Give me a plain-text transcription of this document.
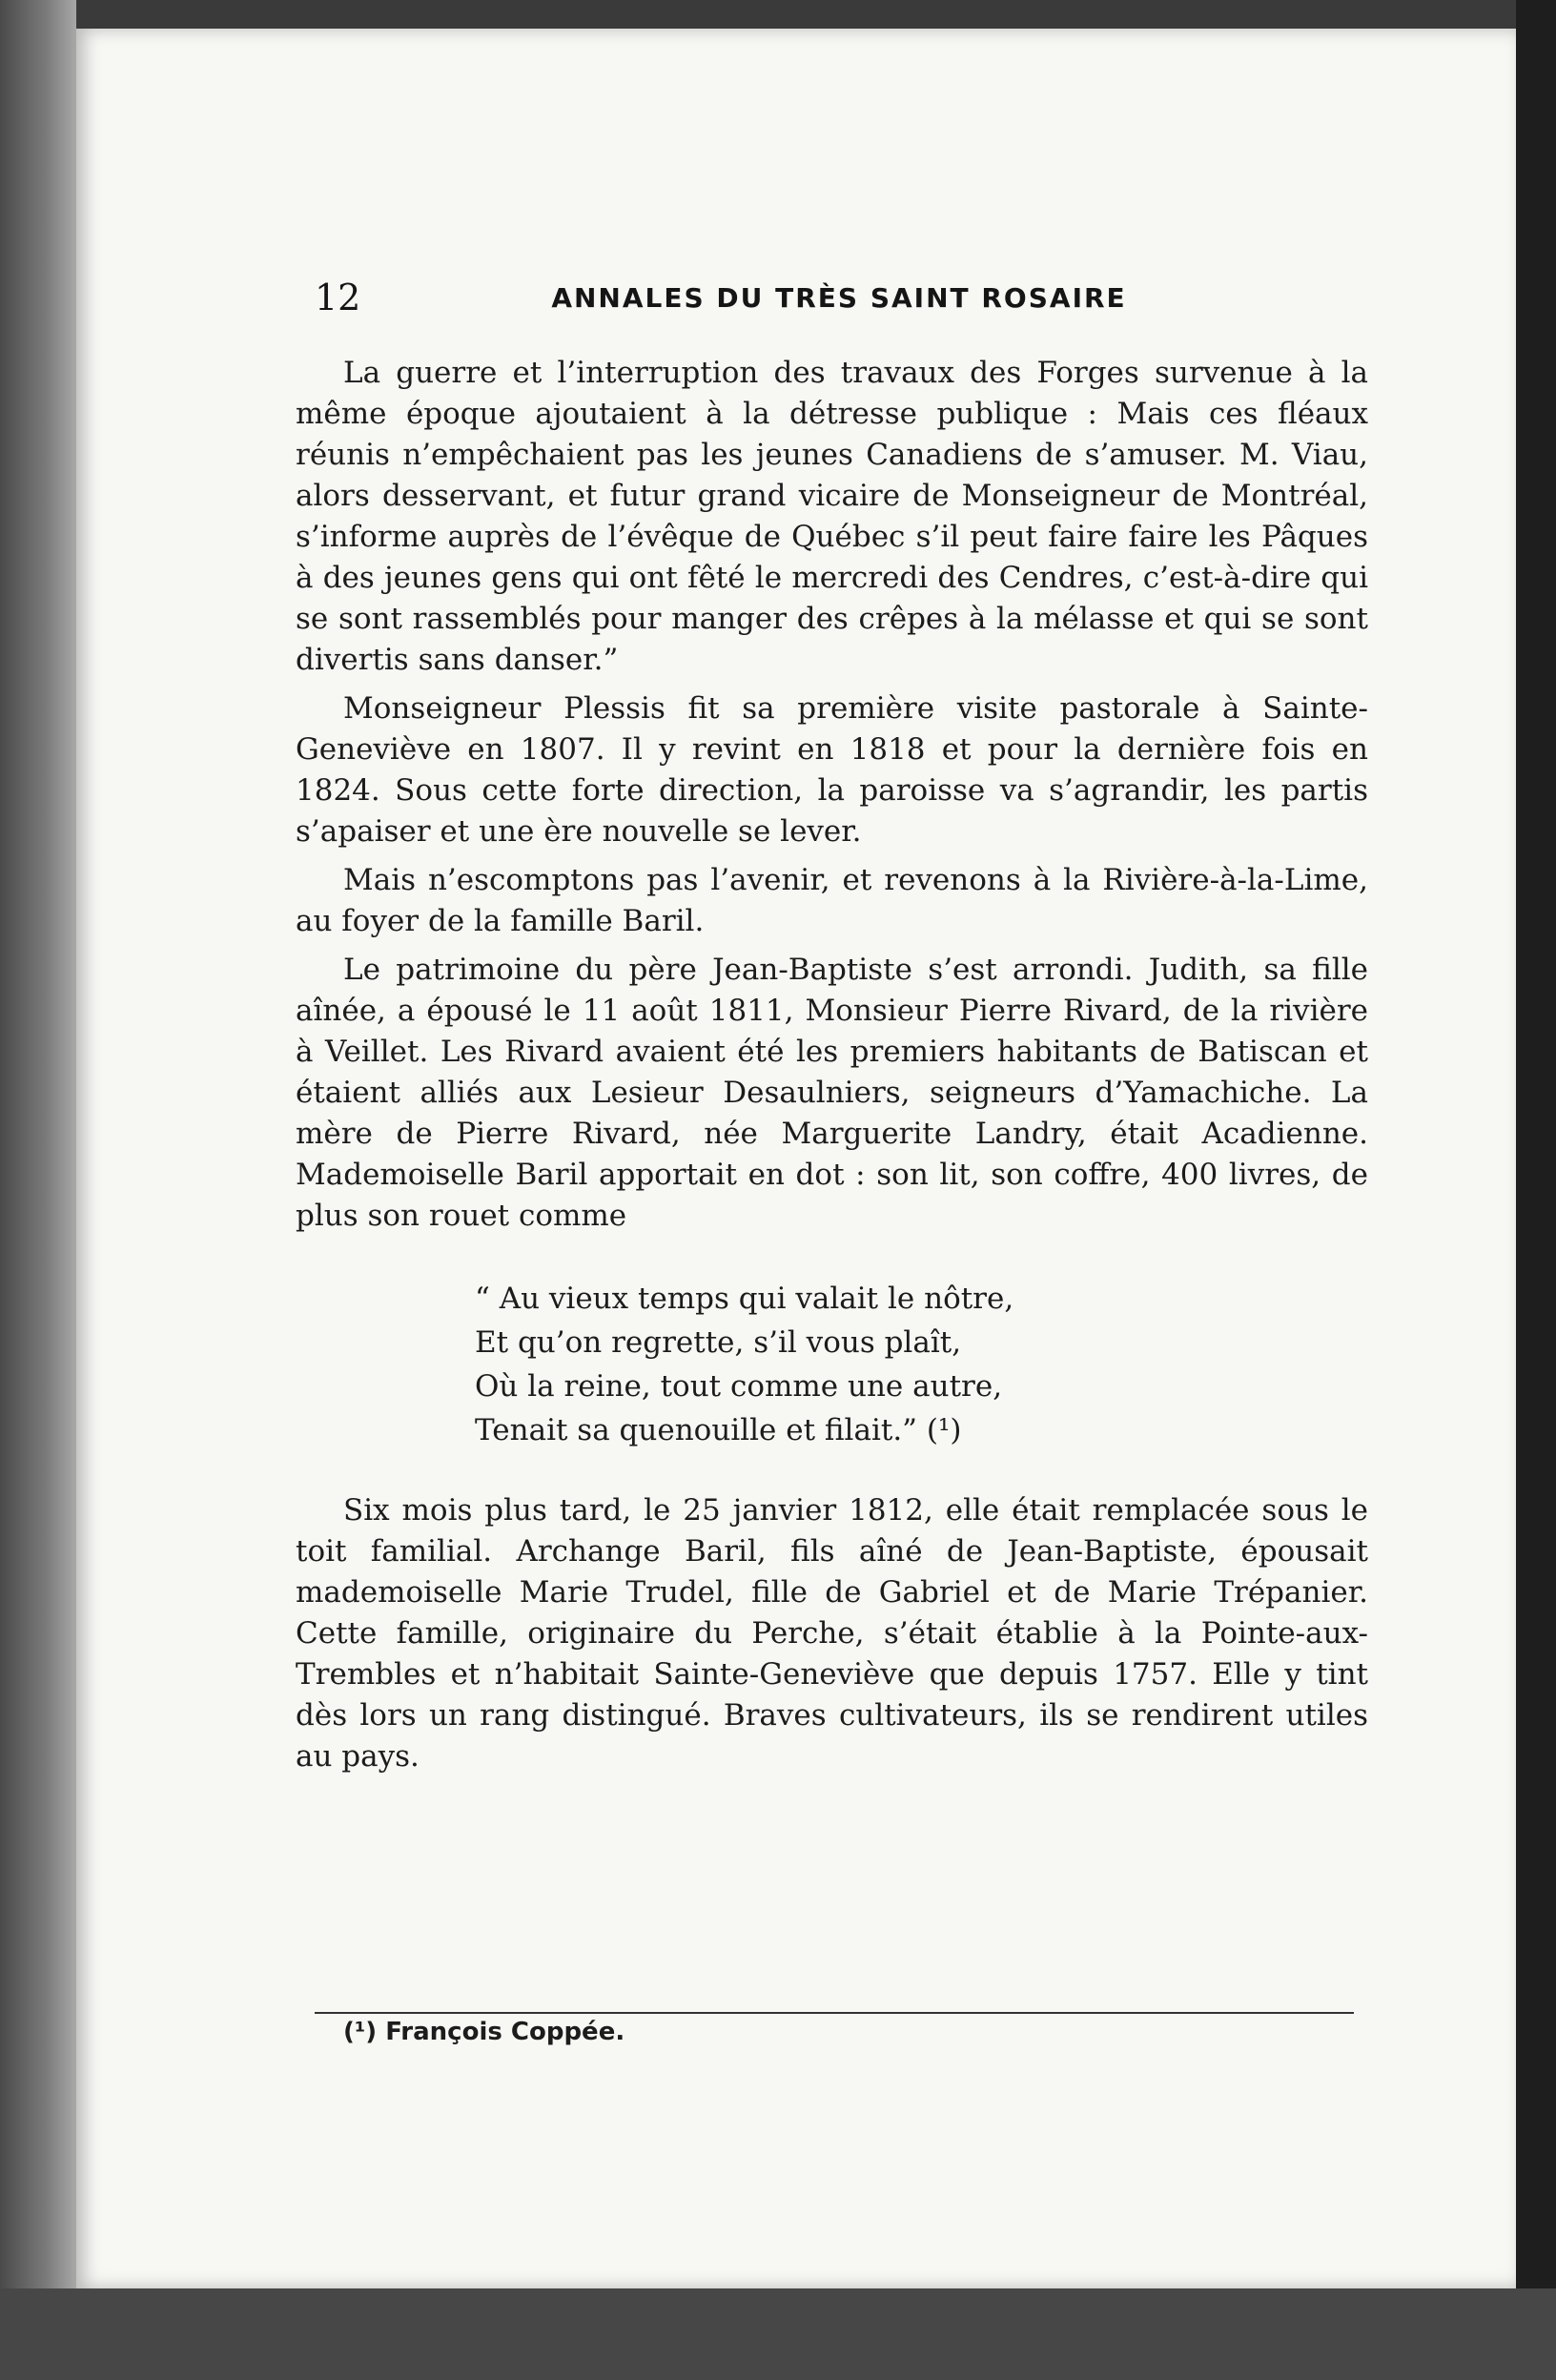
12	ANNALES DU TRÈS SAINT ROSAIRE

La guerre et l’interruption des travaux des Forges survenue à la même époque ajoutaient à la détresse publique : Mais ces fléaux réunis n’empêchaient pas les jeunes Canadiens de s’amuser. M. Viau, alors desservant, et futur grand vicaire de Monseigneur de Montréal, s’informe auprès de l’évêque de Québec s’il peut faire faire les Pâques à des jeunes gens qui ont fêté le mercredi des Cendres, c’est-à-dire qui se sont rassemblés pour manger des crêpes à la mélasse et qui se sont divertis sans danser.”

Monseigneur Plessis fit sa première visite pastorale à Sainte-Geneviève en 1807. Il y revint en 1818 et pour la dernière fois en 1824. Sous cette forte direction, la paroisse va s’agrandir, les partis s’apaiser et une ère nouvelle se lever.

Mais n’escomptons pas l’avenir, et revenons à la Rivière-à-la-Lime, au foyer de la famille Baril.

Le patrimoine du père Jean-Baptiste s’est arrondi. Judith, sa fille aînée, a épousé le 11 août 1811, Monsieur Pierre Rivard, de la rivière à Veillet. Les Rivard avaient été les premiers habitants de Batiscan et étaient alliés aux Lesieur Desaulniers, seigneurs d’Yamachiche. La mère de Pierre Rivard, née Marguerite Landry, était Acadienne. Mademoiselle Baril apportait en dot : son lit, son coffre, 400 livres, de plus son rouet comme

“ Au vieux temps qui valait le nôtre,
Et qu’on regrette, s’il vous plaît,
Où la reine, tout comme une autre,
Tenait sa quenouille et filait.” (¹)

Six mois plus tard, le 25 janvier 1812, elle était remplacée sous le toit familial. Archange Baril, fils aîné de Jean-Baptiste, épousait mademoiselle Marie Trudel, fille de Gabriel et de Marie Trépanier. Cette famille, originaire du Perche, s’était établie à la Pointe-aux-Trembles et n’habitait Sainte-Geneviève que depuis 1757. Elle y tint dès lors un rang distingué. Braves cultivateurs, ils se rendirent utiles au pays.

(¹) François Coppée.
